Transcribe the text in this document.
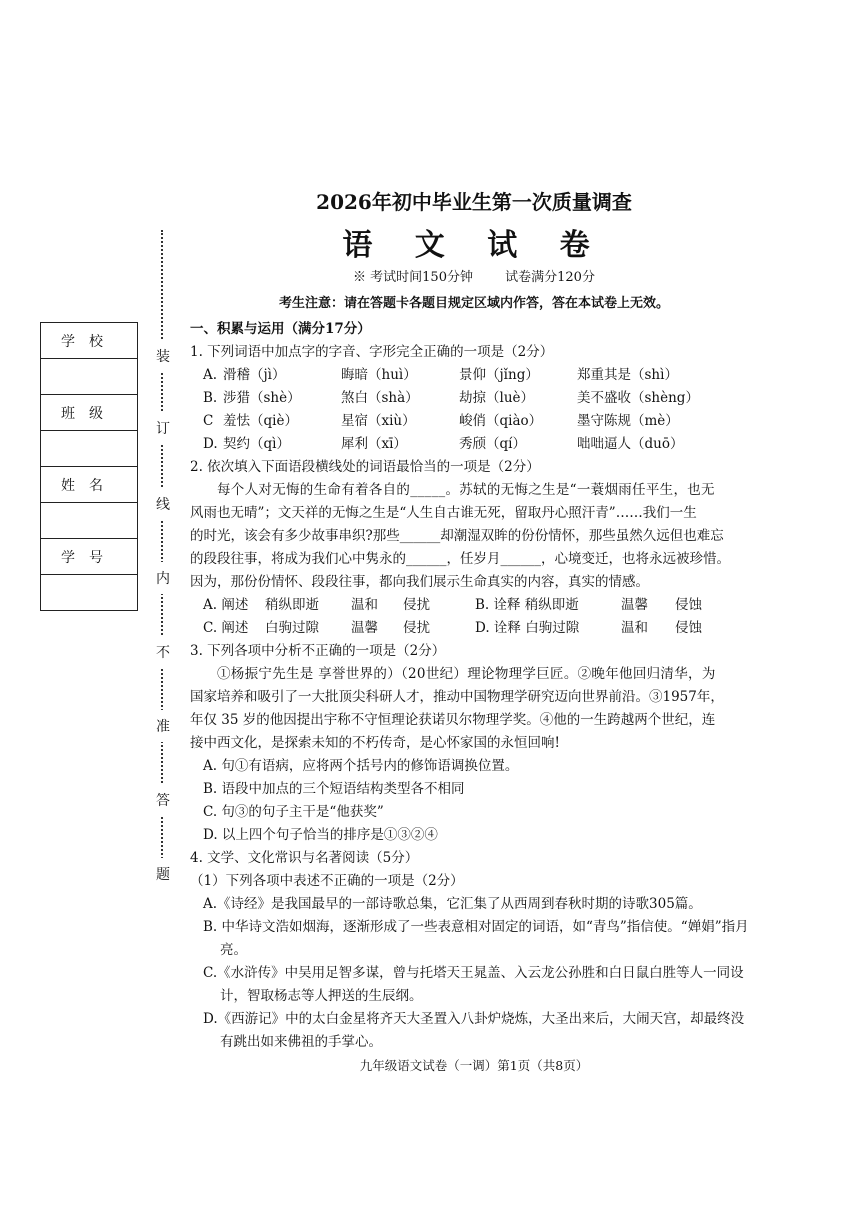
2026年初中毕业生第一次质量调查
语 文 试 卷
※ 考试时间150分钟 试卷满分120分
考生注意：请在答题卡各题目规定区域内作答，答在本试卷上无效。
装
订
线
内
不
准
答
题
学校

班级

姓名

学号

一、积累与运用（满分17分）

1. 下列词语中加点字的字音、字形完全正确的一项是（2分）

A. 滑稽（jì）	晦暗（huì）	景仰（jǐng）	郑重其是（shì）
B. 涉猎（shè）	煞白（shà）	劫掠（luè）	美不盛收（shèng）
C 羞怯（qiè）	星宿（xiù）	峻俏（qiào）	墨守陈规（mè）
D. 契约（qì）	犀利（xī）	秀颀（qí）	咄咄逼人（duō）

2. 依次填入下面语段横线处的词语最恰当的一项是（2分）

每个人对无悔的生命有着各自的_____。苏轼的无悔之生是“一蓑烟雨任平生，也无

风雨也无晴”；文天祥的无悔之生是“人生自古谁无死，留取丹心照汗青”……我们一生

的时光，该会有多少故事串织?那些______却潮湿双眸的份份情怀，那些虽然久远但也难忘

的段段往事，将成为我们心中隽永的______，任岁月______，心境变迁，也将永远被珍惜。

因为，那份份情怀、段段往事，都向我们展示生命真实的内容，真实的情感。

A. 阐述	稍纵即逝	温和	侵扰	B. 诠释 稍纵即逝	温馨	侵蚀
C. 阐述	白驹过隙	温馨	侵扰	D. 诠释 白驹过隙	温和	侵蚀

3. 下列各项中分析不正确的一项是（2分）

①杨振宁先生是 享誉世界的）（20世纪）理论物理学巨匠。②晚年他回归清华，为

国家培养和吸引了一大批顶尖科研人才，推动中国物理学研究迈向世界前沿。③1957年，

年仅 35 岁的他因提出宇称不守恒理论获诺贝尔物理学奖。④他的一生跨越两个世纪，连

接中西文化，是探索未知的不朽传奇，是心怀家国的永恒回响!

A. 句①有语病，应将两个括号内的修饰语调换位置。

B. 语段中加点的三个短语结构类型各不相同

C. 句③的句子主干是“他获奖”

D. 以上四个句子恰当的排序是①③②④

4. 文学、文化常识与名著阅读（5分）

（1）下列各项中表述不正确的一项是（2分）

A.《诗经》是我国最早的一部诗歌总集，它汇集了从西周到春秋时期的诗歌305篇。

B. 中华诗文浩如烟海，逐渐形成了一些表意相对固定的词语，如“青鸟”指信使。“婵娟”指月亮。

C.《水浒传》中吴用足智多谋，曾与托塔天王晁盖、入云龙公孙胜和白日鼠白胜等人一同设计，智取杨志等人押送的生辰纲。

D.《西游记》中的太白金星将齐天大圣置入八卦炉烧炼，大圣出来后，大闹天宫，却最终没有跳出如来佛祖的手掌心。

九年级语文试卷（一调）第1页（共8页）
